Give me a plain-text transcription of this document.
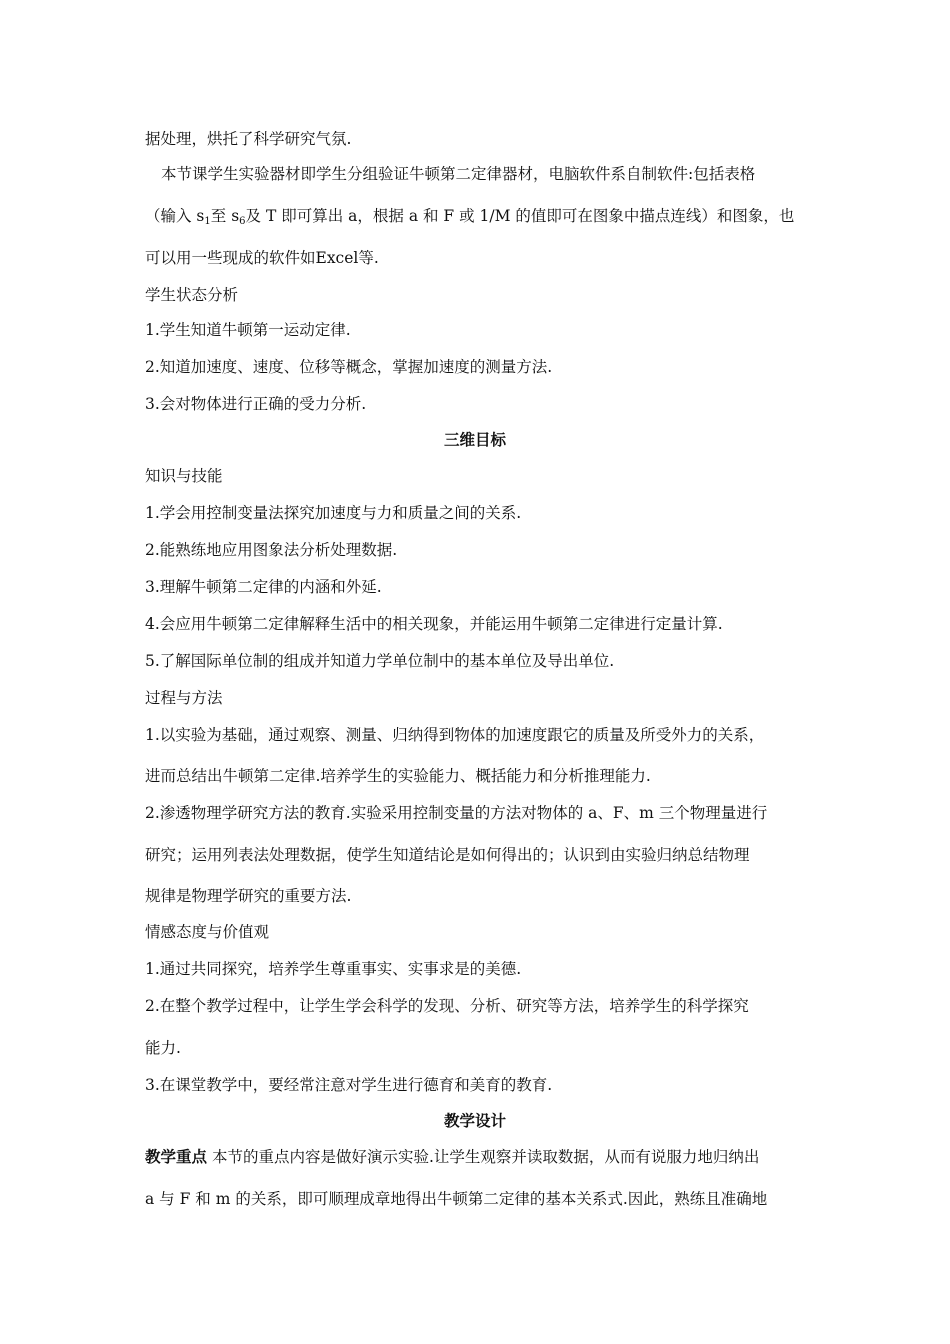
据处理，烘托了科学研究气氛.
本节课学生实验器材即学生分组验证牛顿第二定律器材，电脑软件系自制软件:包括表格
（输入 $s_1$至 $s_6$及 T 即可算出 a，根据 a 和 F 或 1/M 的值即可在图象中描点连线）和图象，也
可以用一些现成的软件如Excel等.
学生状态分析
1.学生知道牛顿第一运动定律.
2.知道加速度、速度、位移等概念，掌握加速度的测量方法.
3.会对物体进行正确的受力分析.
三维目标
知识与技能
1.学会用控制变量法探究加速度与力和质量之间的关系.
2.能熟练地应用图象法分析处理数据.
3.理解牛顿第二定律的内涵和外延.
4.会应用牛顿第二定律解释生活中的相关现象，并能运用牛顿第二定律进行定量计算.
5.了解国际单位制的组成并知道力学单位制中的基本单位及导出单位.
过程与方法
1.以实验为基础，通过观察、测量、归纳得到物体的加速度跟它的质量及所受外力的关系，
进而总结出牛顿第二定律.培养学生的实验能力、概括能力和分析推理能力.
2.渗透物理学研究方法的教育.实验采用控制变量的方法对物体的 a、F、m 三个物理量进行
研究；运用列表法处理数据，使学生知道结论是如何得出的；认识到由实验归纳总结物理
规律是物理学研究的重要方法.
情感态度与价值观
1.通过共同探究，培养学生尊重事实、实事求是的美德.
2.在整个教学过程中，让学生学会科学的发现、分析、研究等方法，培养学生的科学探究
能力.
3.在课堂教学中，要经常注意对学生进行德育和美育的教育.
教学设计
教学重点 本节的重点内容是做好演示实验.让学生观察并读取数据，从而有说服力地归纳出
a 与 F 和 m 的关系，即可顺理成章地得出牛顿第二定律的基本关系式.因此，熟练且准确地
